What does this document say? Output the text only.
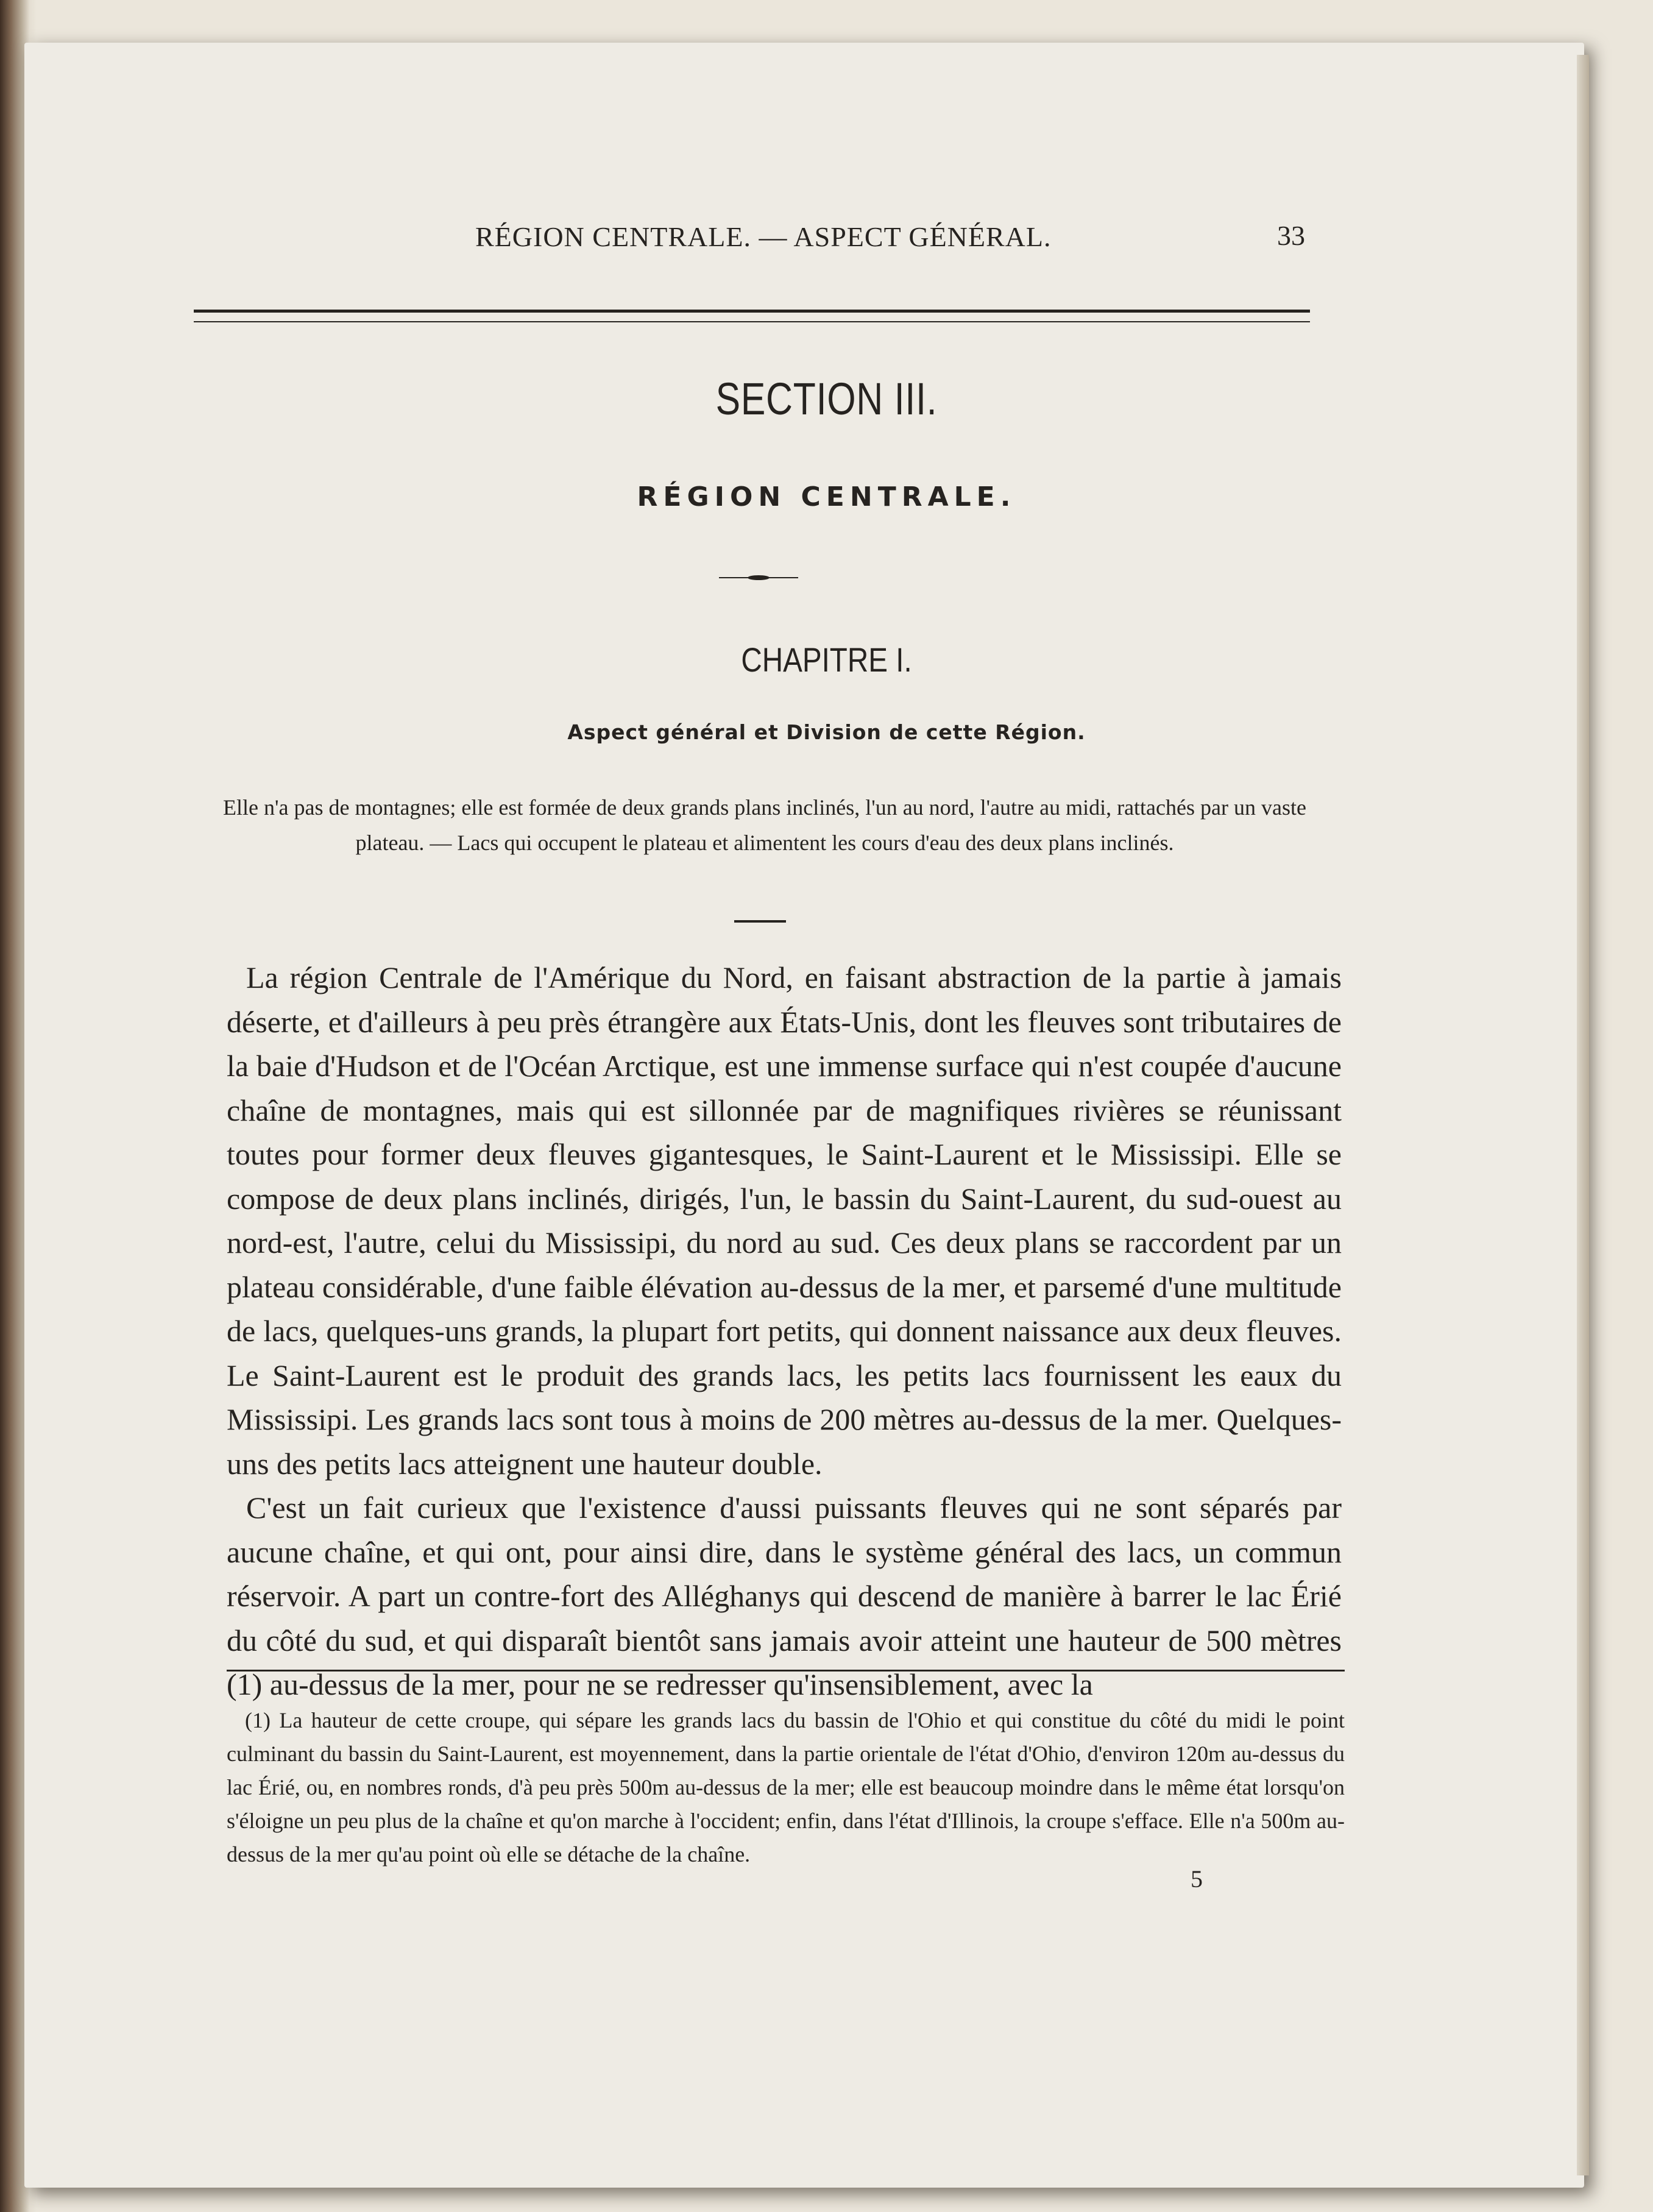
RÉGION CENTRALE. — ASPECT GÉNÉRAL.	33
SECTION III.
RÉGION CENTRALE.
CHAPITRE I.
Aspect général et Division de cette Région.
Elle n'a pas de montagnes; elle est formée de deux grands plans inclinés, l'un au nord, l'autre au midi, rattachés par un vaste plateau. — Lacs qui occupent le plateau et alimentent les cours d'eau des deux plans inclinés.

La région Centrale de l'Amérique du Nord, en faisant abstraction de la partie à jamais déserte, et d'ailleurs à peu près étrangère aux États-Unis, dont les fleuves sont tributaires de la baie d'Hudson et de l'Océan Arctique, est une immense surface qui n'est coupée d'aucune chaîne de montagnes, mais qui est sillonnée par de magnifiques rivières se réunissant toutes pour former deux fleuves gigantesques, le Saint-Laurent et le Mississipi. Elle se compose de deux plans inclinés, dirigés, l'un, le bassin du Saint-Laurent, du sud-ouest au nord-est, l'autre, celui du Mississipi, du nord au sud. Ces deux plans se raccordent par un plateau considérable, d'une faible élévation au-dessus de la mer, et parsemé d'une multitude de lacs, quelques-uns grands, la plupart fort petits, qui donnent naissance aux deux fleuves. Le Saint-Laurent est le produit des grands lacs, les petits lacs fournissent les eaux du Mississipi. Les grands lacs sont tous à moins de 200 mètres au-dessus de la mer. Quelques-uns des petits lacs atteignent une hauteur double.

C'est un fait curieux que l'existence d'aussi puissants fleuves qui ne sont séparés par aucune chaîne, et qui ont, pour ainsi dire, dans le système général des lacs, un commun réservoir. A part un contre-fort des Alléghanys qui descend de manière à barrer le lac Érié du côté du sud, et qui disparaît bientôt sans jamais avoir atteint une hauteur de 500 mètres (1) au-dessus de la mer, pour ne se redresser qu'insensiblement, avec la

(1) La hauteur de cette croupe, qui sépare les grands lacs du bassin de l'Ohio et qui constitue du côté du midi le point culminant du bassin du Saint-Laurent, est moyennement, dans la partie orientale de l'état d'Ohio, d'environ 120m au-dessus du lac Érié, ou, en nombres ronds, d'à peu près 500m au-dessus de la mer; elle est beaucoup moindre dans le même état lorsqu'on s'éloigne un peu plus de la chaîne et qu'on marche à l'occident; enfin, dans l'état d'Illinois, la croupe s'efface. Elle n'a 500m au-dessus de la mer qu'au point où elle se détache de la chaîne.

5
